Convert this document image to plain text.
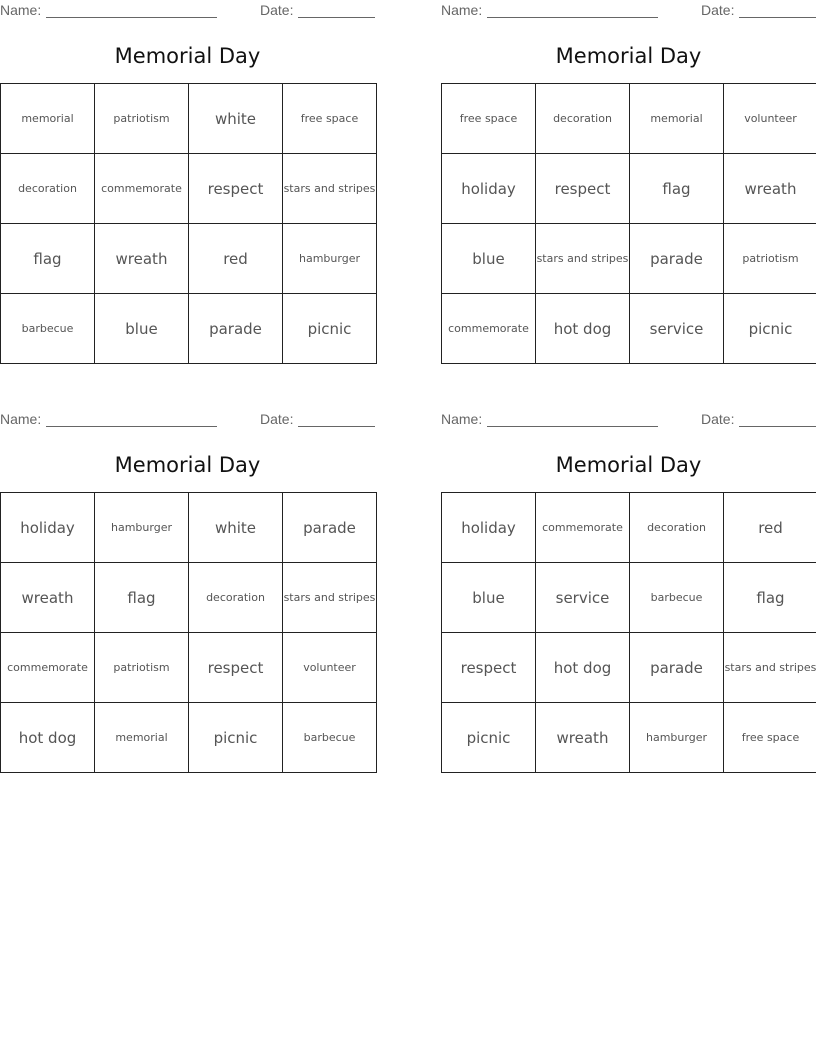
Name:	Date:
Memorial Day
memorial	patriotism	white	free space
decoration	commemorate	respect	stars and stripes
flag	wreath	red	hamburger
barbecue	blue	parade	picnic
Name:	Date:
Memorial Day
free space	decoration	memorial	volunteer
holiday	respect	flag	wreath
blue	stars and stripes	parade	patriotism
commemorate	hot dog	service	picnic
Name:	Date:
Memorial Day
holiday	hamburger	white	parade
wreath	flag	decoration	stars and stripes
commemorate	patriotism	respect	volunteer
hot dog	memorial	picnic	barbecue
Name:	Date:
Memorial Day
holiday	commemorate	decoration	red
blue	service	barbecue	flag
respect	hot dog	parade	stars and stripes
picnic	wreath	hamburger	free space
